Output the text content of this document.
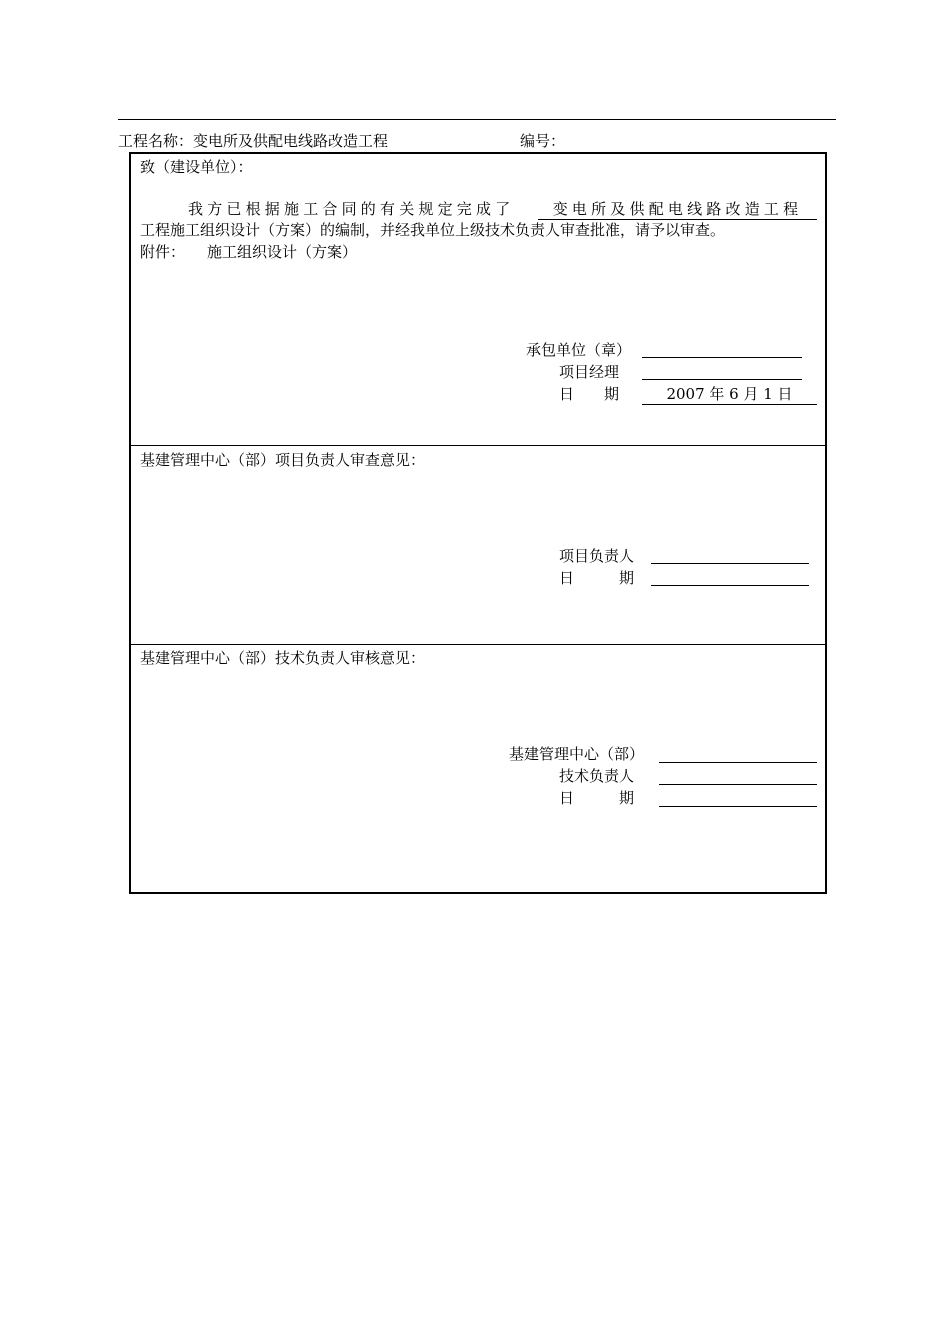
工程名称：变电所及供配电线路改造工程	编号：
致（建设单位）：
我方已根据施工合同的有关规定完成了	变电所及供配电线路改造工程
工程施工组织设计（方案）的编制，并经我单位上级技术负责人审查批准，请予以审查。
附件： 施工组织设计（方案）
承包单位（章）
项目经理
日　　期	2007 年 6 月 1 日
基建管理中心（部）项目负责人审查意见：
项目负责人
日　　　期
基建管理中心（部）技术负责人审核意见：
基建管理中心（部）
技术负责人
日　　　期
